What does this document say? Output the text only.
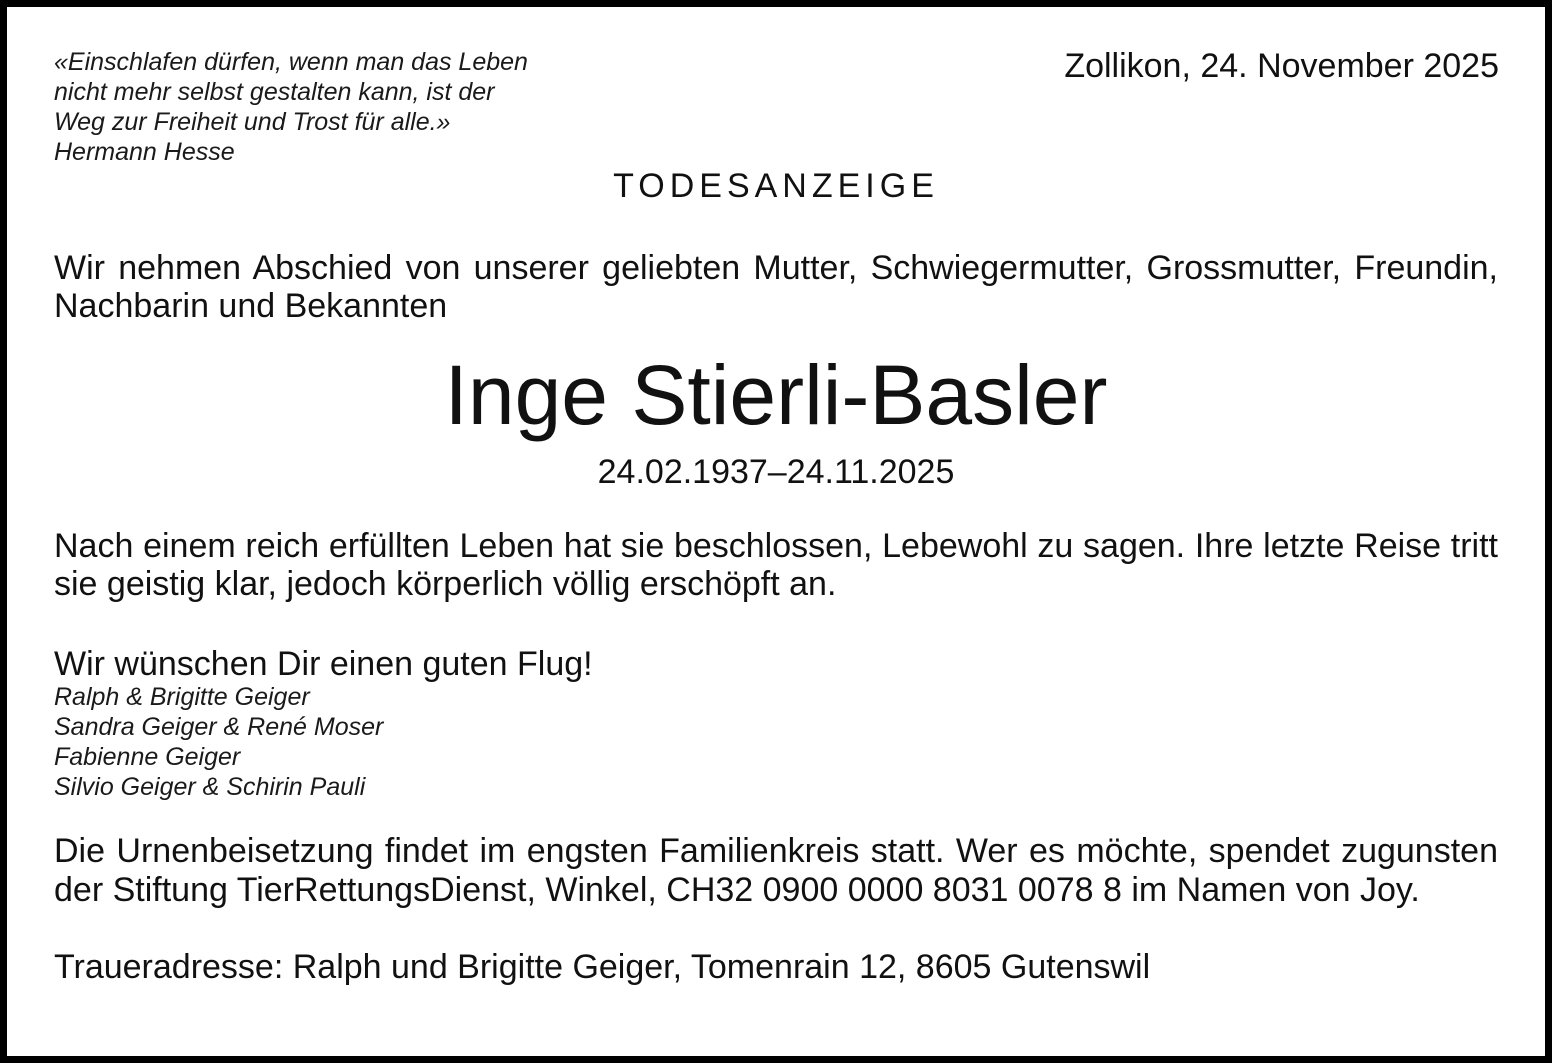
«Einschlafen dürfen, wenn man das Leben
nicht mehr selbst gestalten kann, ist der
Weg zur Freiheit und Trost für alle.»
Hermann Hesse
Zollikon, 24. November 2025
TODESANZEIGE
Wir nehmen Abschied von unserer geliebten Mutter, Schwiegermutter, Grossmutter, Freundin, Nachbarin und Bekannten
Inge Stierli-Basler
24.02.1937–24.11.2025
Nach einem reich erfüllten Leben hat sie beschlossen, Lebewohl zu sagen. Ihre letzte Reise tritt sie geistig klar, jedoch körperlich völlig erschöpft an.
Wir wünschen Dir einen guten Flug!
Ralph & Brigitte Geiger
Sandra Geiger & René Moser
Fabienne Geiger
Silvio Geiger & Schirin Pauli
Die Urnenbeisetzung findet im engsten Familienkreis statt. Wer es möchte, spendet zugunsten der Stiftung TierRettungsDienst, Winkel, CH32 0900 0000 8031 0078 8 im Namen von Joy.
Traueradresse: Ralph und Brigitte Geiger, Tomenrain 12, 8605 Gutenswil
